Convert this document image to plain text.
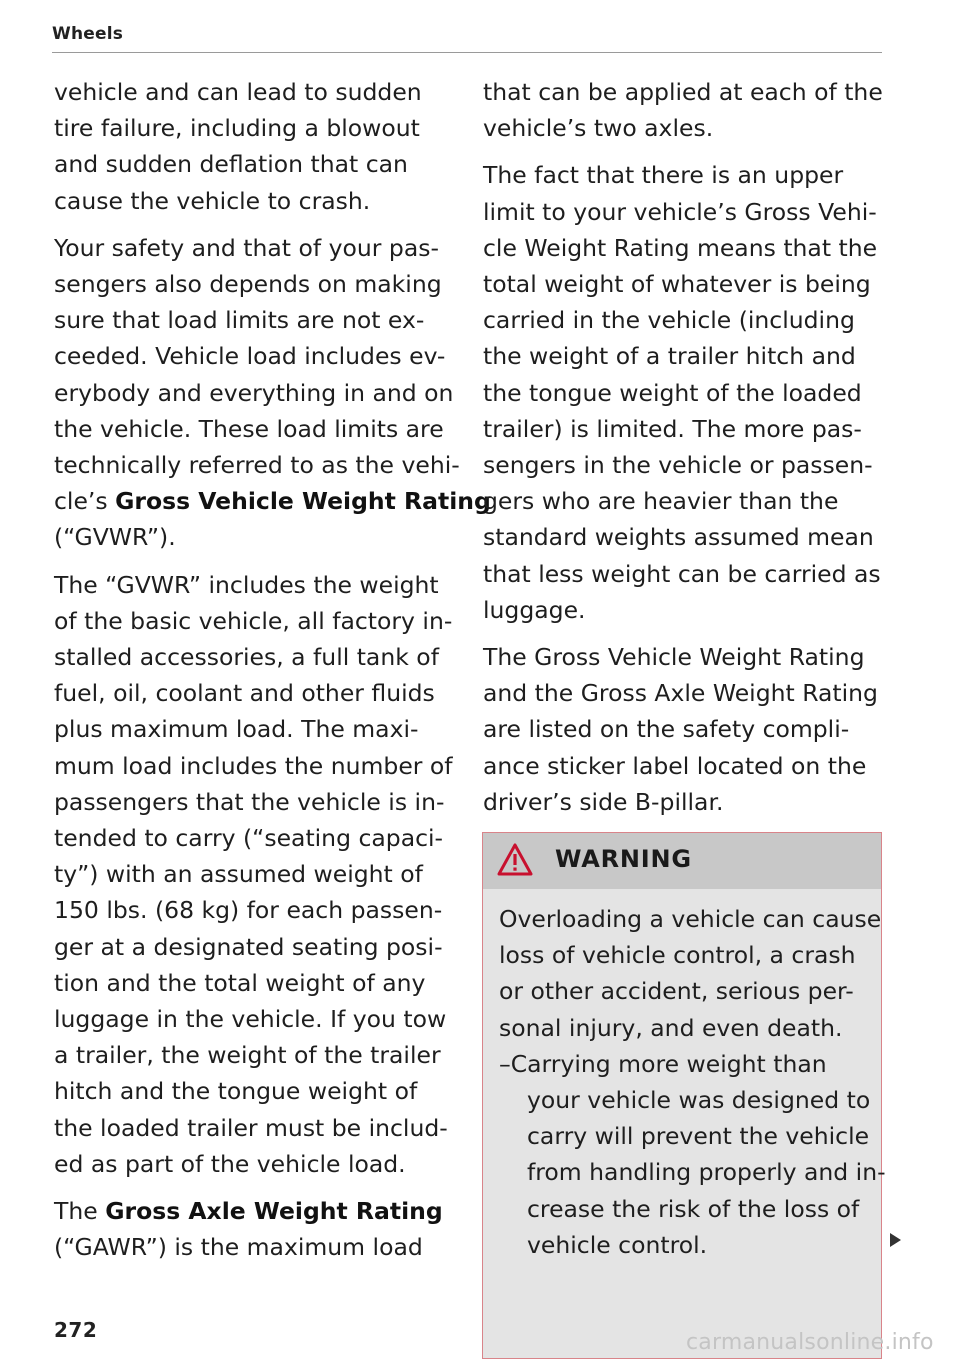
Wheels

vehicle and can lead to sudden
tire failure, including a blowout
and sudden deflation that can
cause the vehicle to crash.

Your safety and that of your pas-
sengers also depends on making
sure that load limits are not ex-
ceeded. Vehicle load includes ev-
erybody and everything in and on
the vehicle. These load limits are
technically referred to as the vehi-
cle’s Gross Vehicle Weight Rating
(“GVWR”).

The “GVWR” includes the weight
of the basic vehicle, all factory in-
stalled accessories, a full tank of
fuel, oil, coolant and other fluids
plus maximum load. The maxi-
mum load includes the number of
passengers that the vehicle is in-
tended to carry (“seating capaci-
ty”) with an assumed weight of
150 lbs. (68 kg) for each passen-
ger at a designated seating posi-
tion and the total weight of any
luggage in the vehicle. If you tow
a trailer, the weight of the trailer
hitch and the tongue weight of
the loaded trailer must be includ-
ed as part of the vehicle load.

The Gross Axle Weight Rating
(“GAWR”) is the maximum load

that can be applied at each of the
vehicle’s two axles.

The fact that there is an upper
limit to your vehicle’s Gross Vehi-
cle Weight Rating means that the
total weight of whatever is being
carried in the vehicle (including
the weight of a trailer hitch and
the tongue weight of the loaded
trailer) is limited. The more pas-
sengers in the vehicle or passen-
gers who are heavier than the
standard weights assumed mean
that less weight can be carried as
luggage.

The Gross Vehicle Weight Rating
and the Gross Axle Weight Rating
are listed on the safety compli-
ance sticker label located on the
driver’s side B-pillar.

WARNING
Overloading a vehicle can cause
loss of vehicle control, a crash
or other accident, serious per-
sonal injury, and even death.
–Carrying more weight than
your vehicle was designed to
carry will prevent the vehicle
from handling properly and in-
crease the risk of the loss of
vehicle control.
272	carmanualsonline.info
